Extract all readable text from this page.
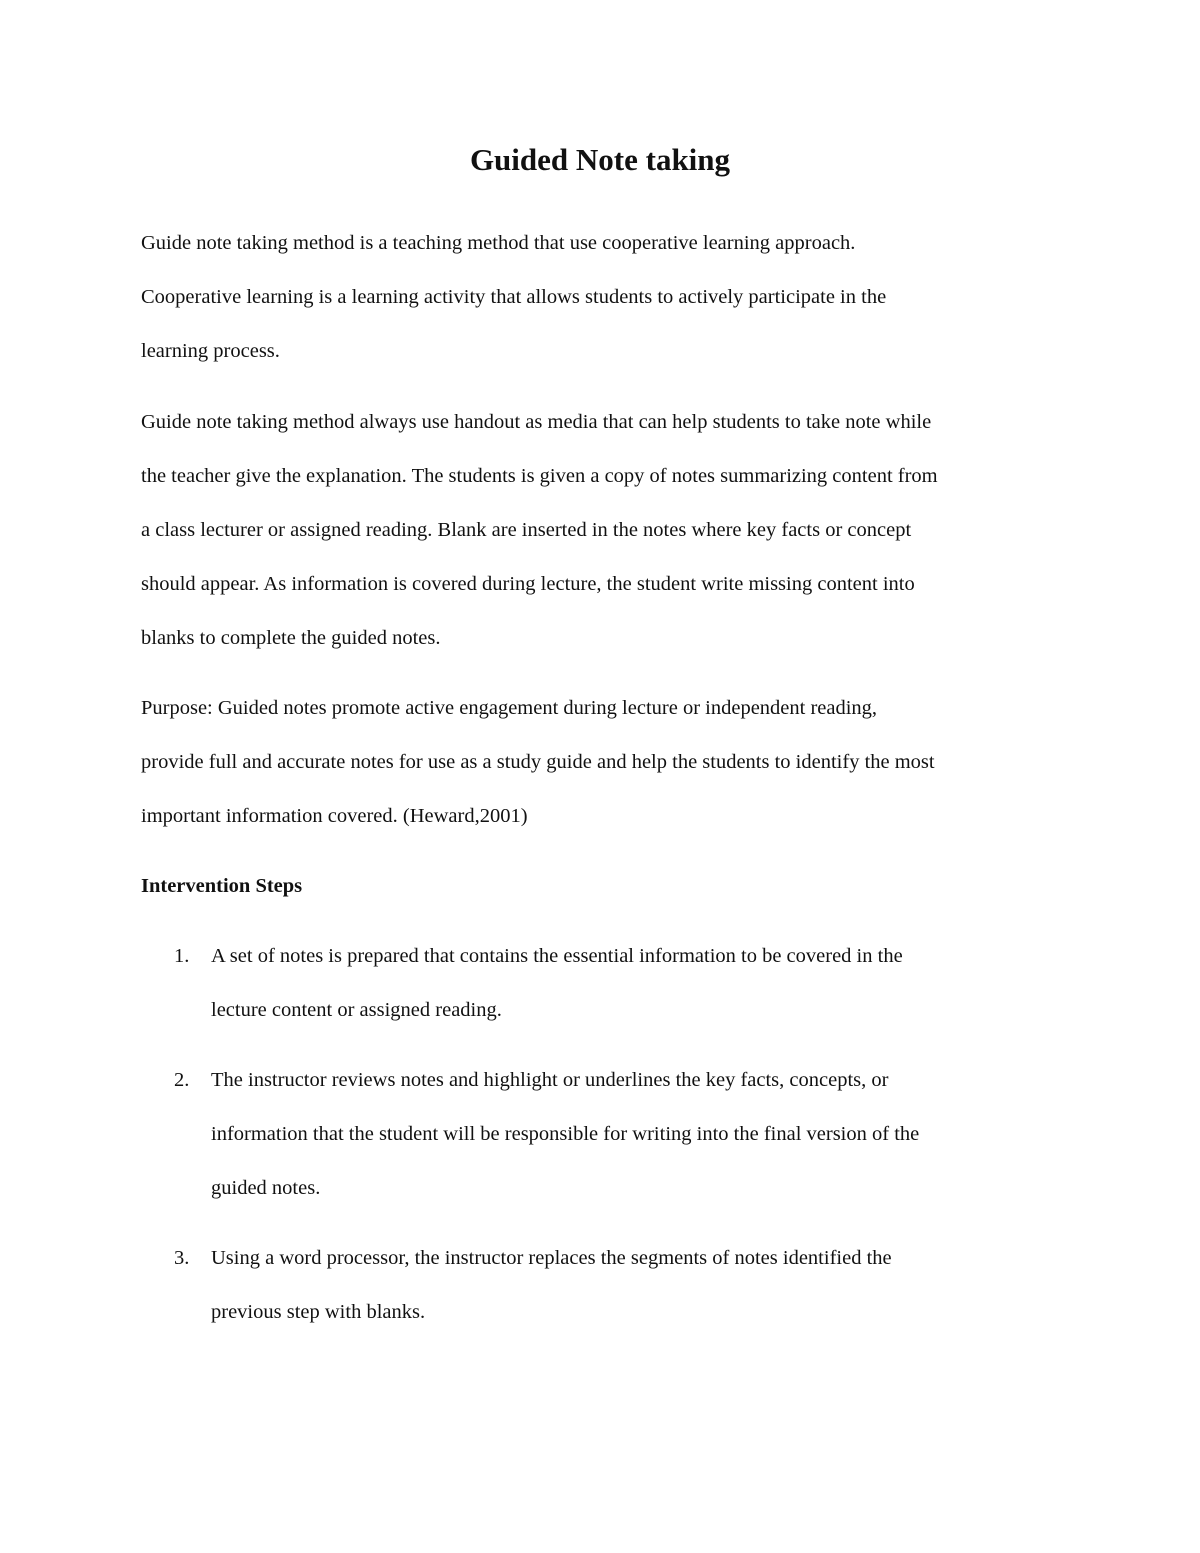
Guided Note taking

Guide note taking method is a teaching method that use cooperative learning approach.

Cooperative learning is a learning activity that allows students to actively participate in the

learning process.

Guide note taking method always use handout as media that can help students to take note while

the teacher give the explanation. The students is given a copy of notes summarizing content from

a class lecturer or assigned reading. Blank are inserted in the notes where key facts or concept

should appear. As information is covered during lecture, the student write missing content into

blanks to complete the guided notes.

Purpose: Guided notes promote active engagement during lecture or independent reading,

provide full and accurate notes for use as a study guide and help the students to identify the most

important information covered. (Heward,2001)

Intervention Steps
1. A set of notes is prepared that contains the essential information to be covered in the

lecture content or assigned reading.

2. The instructor reviews notes and highlight or underlines the key facts, concepts, or

information that the student will be responsible for writing into the final version of the

guided notes.

3. Using a word processor, the instructor replaces the segments of notes identified the

previous step with blanks.
